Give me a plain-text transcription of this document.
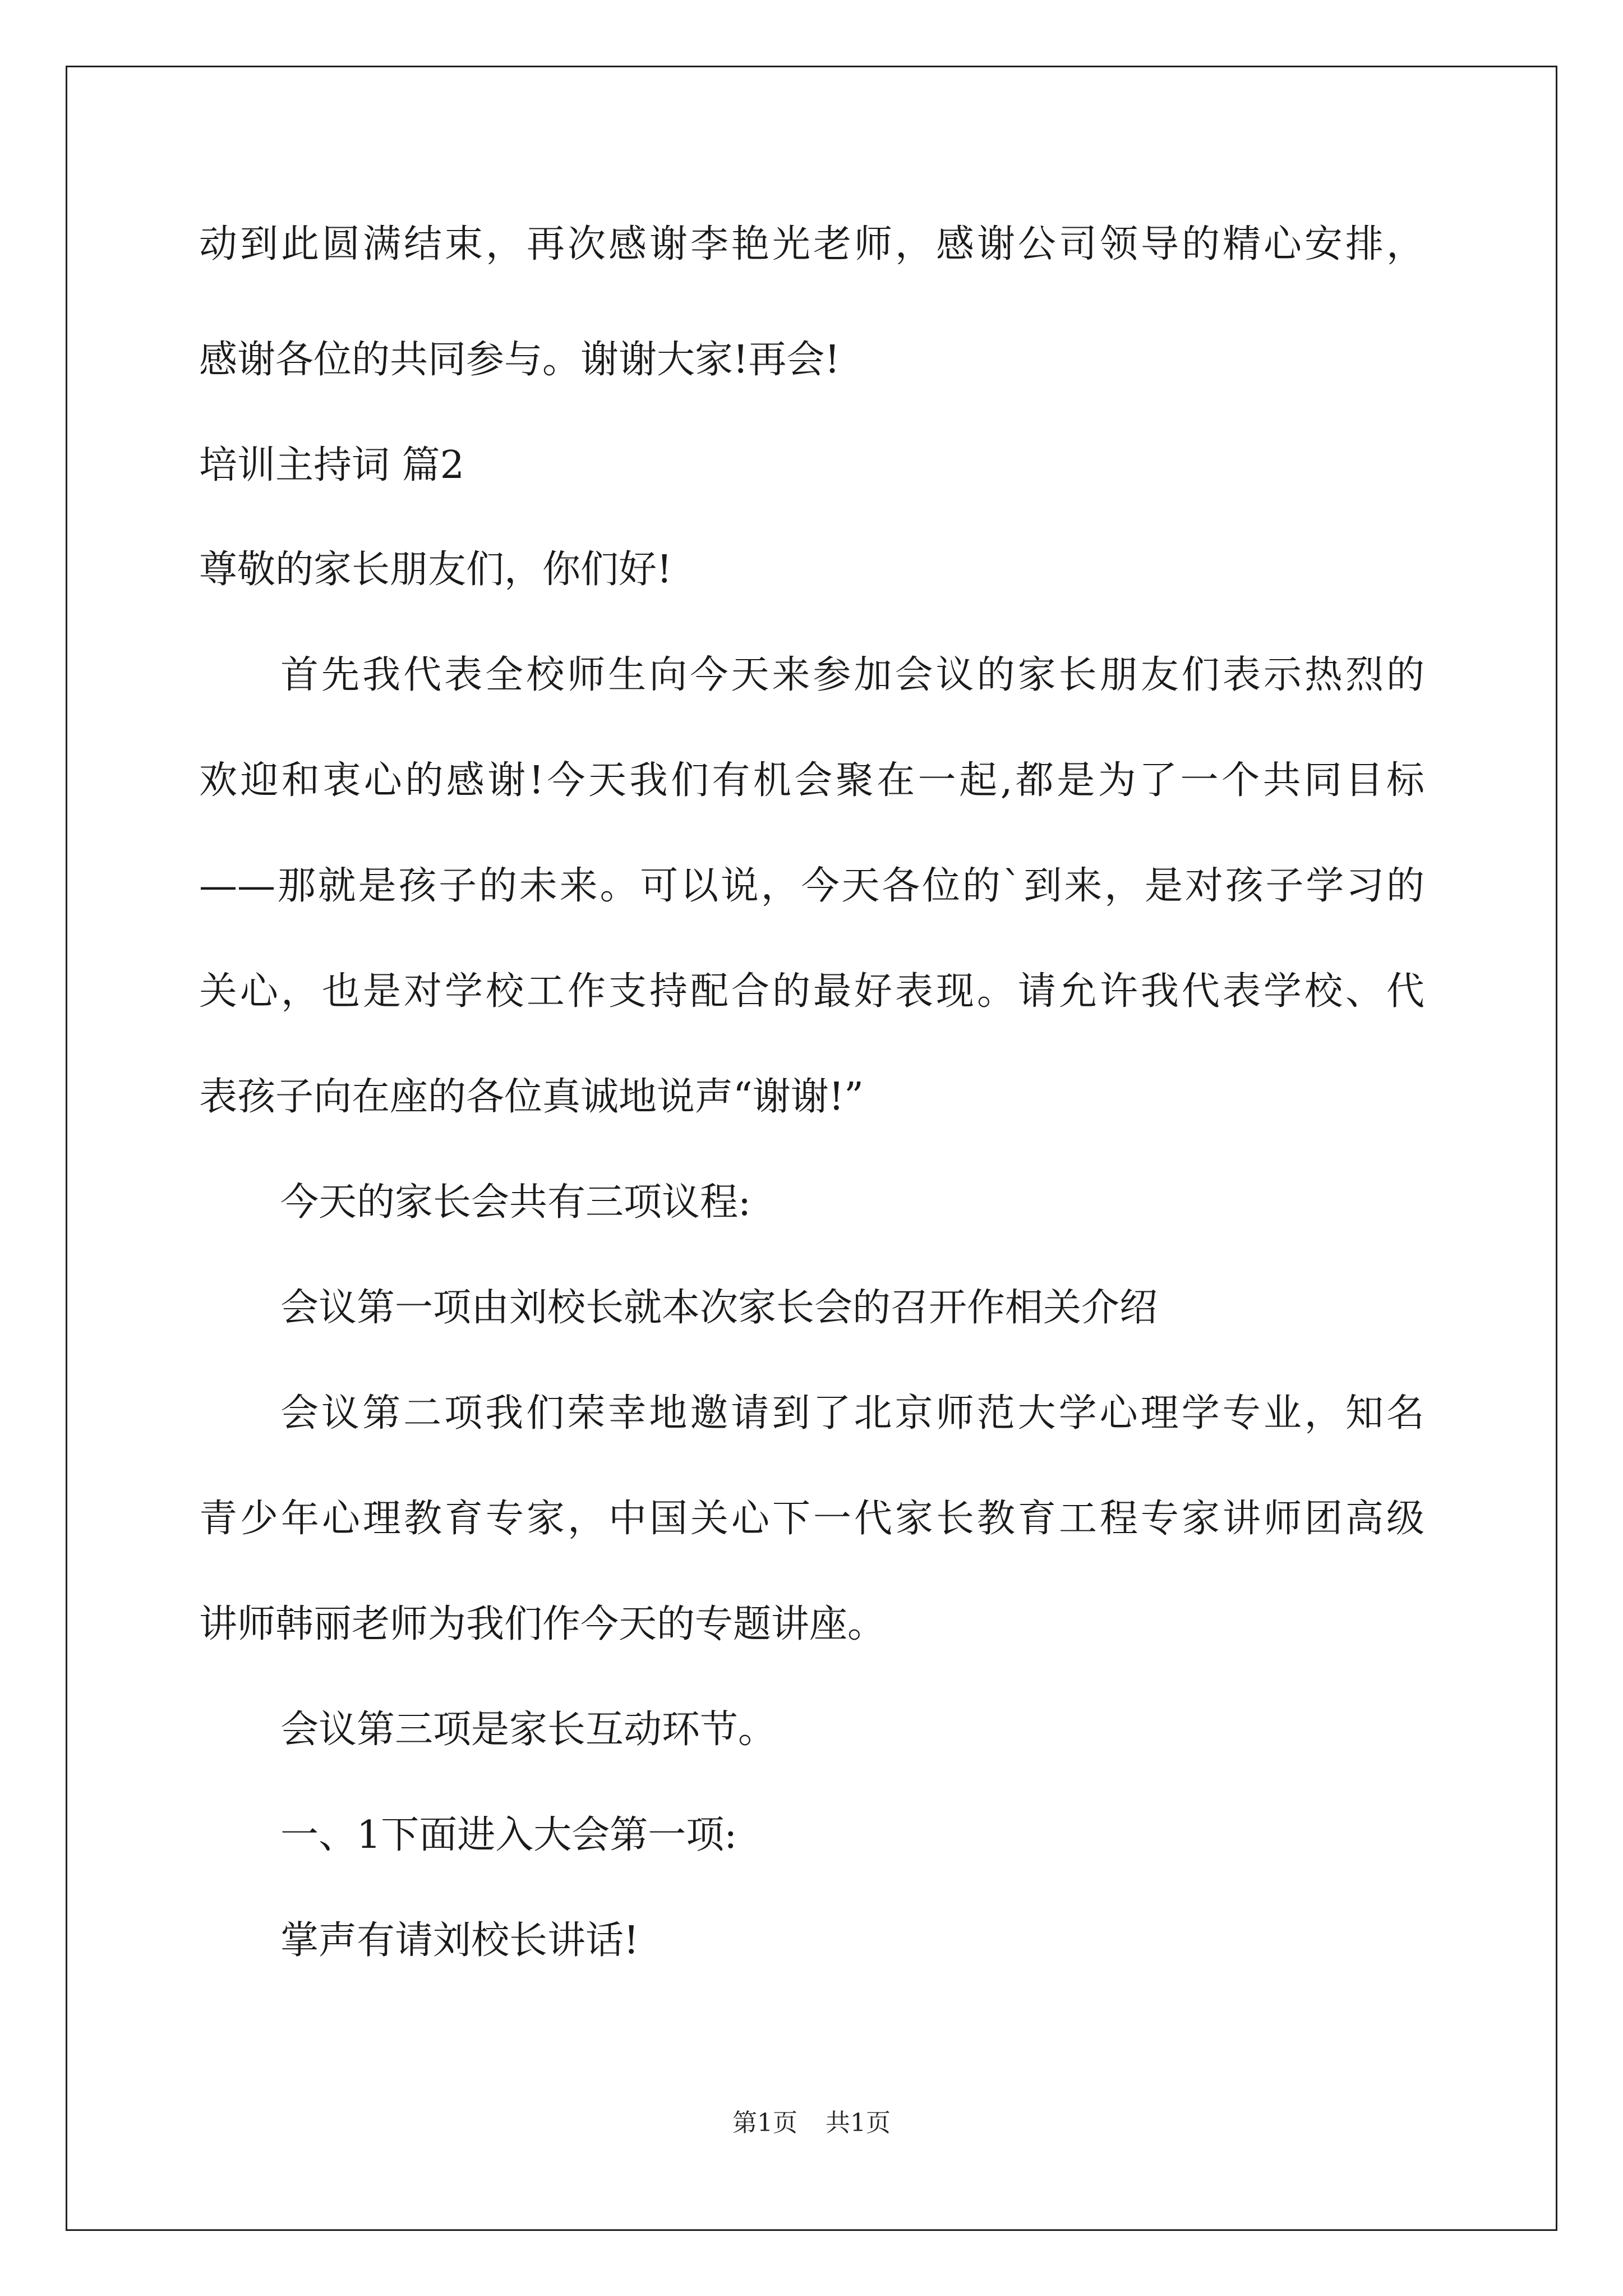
动到此圆满结束，再次感谢李艳光老师，感谢公司领导的精心安排，
感谢各位的共同参与。谢谢大家!再会!
培训主持词 篇2
尊敬的家长朋友们，你们好!
首先我代表全校师生向今天来参加会议的家长朋友们表示热烈的
欢迎和衷心的感谢!今天我们有机会聚在一起,都是为了一个共同目标
——那就是孩子的未来。可以说，今天各位的`到来，是对孩子学习的
关心，也是对学校工作支持配合的最好表现。请允许我代表学校、代
表孩子向在座的各位真诚地说声“谢谢!”
今天的家长会共有三项议程:
会议第一项由刘校长就本次家长会的召开作相关介绍
会议第二项我们荣幸地邀请到了北京师范大学心理学专业，知名
青少年心理教育专家，中国关心下一代家长教育工程专家讲师团高级
讲师韩丽老师为我们作今天的专题讲座。
会议第三项是家长互动环节。
一、1下面进入大会第一项:
掌声有请刘校长讲话!
第1页 共1页
